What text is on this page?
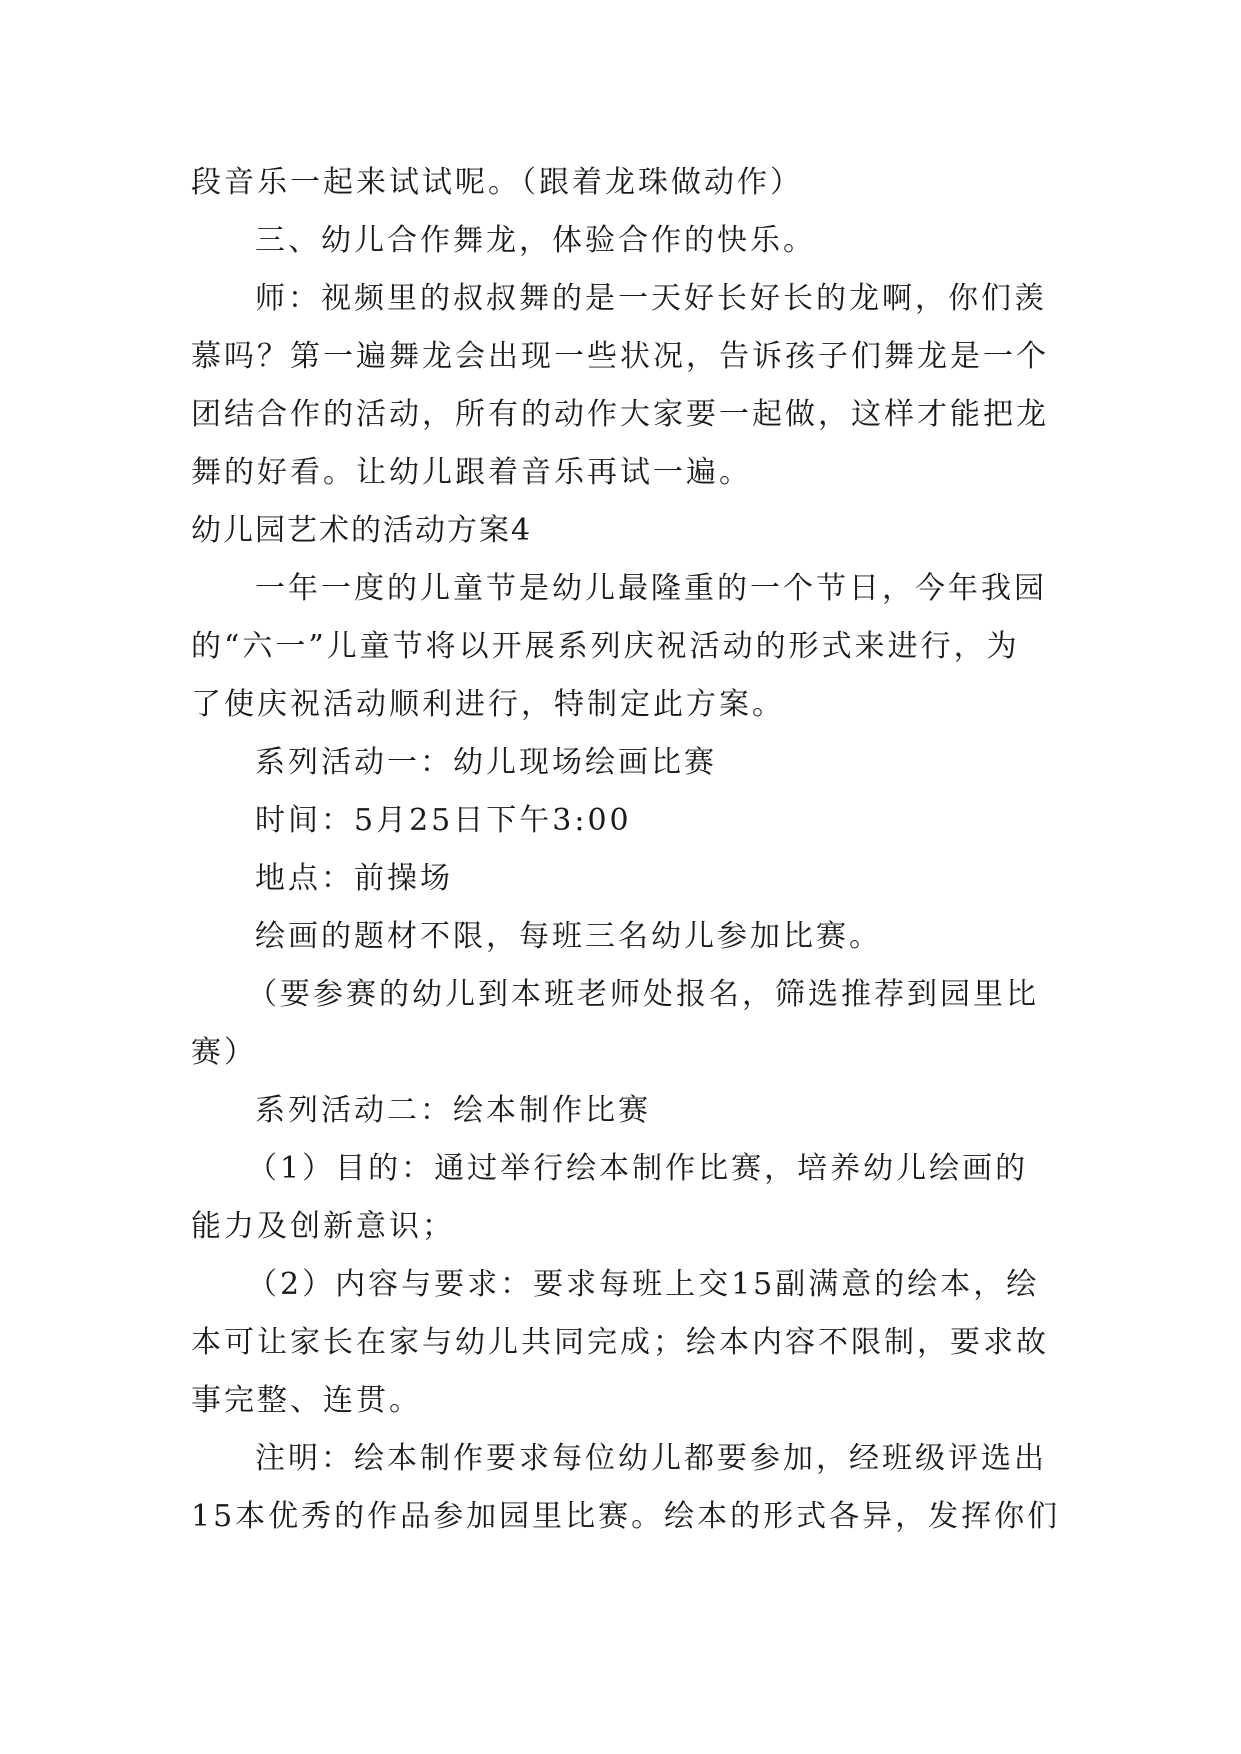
段音乐一起来试试呢。（跟着龙珠做动作）
三、幼儿合作舞龙，体验合作的快乐。
师：视频里的叔叔舞的是一天好长好长的龙啊，你们羡
慕吗？第一遍舞龙会出现一些状况，告诉孩子们舞龙是一个
团结合作的活动，所有的动作大家要一起做，这样才能把龙
舞的好看。让幼儿跟着音乐再试一遍。
幼儿园艺术的活动方案4
一年一度的儿童节是幼儿最隆重的一个节日，今年我园
的“六一”儿童节将以开展系列庆祝活动的形式来进行，为
了使庆祝活动顺利进行，特制定此方案。
系列活动一：幼儿现场绘画比赛
时间：5月25日下午3:00
地点：前操场
绘画的题材不限，每班三名幼儿参加比赛。
（要参赛的幼儿到本班老师处报名，筛选推荐到园里比
赛）
系列活动二：绘本制作比赛
（1）目的：通过举行绘本制作比赛，培养幼儿绘画的
能力及创新意识；
（2）内容与要求：要求每班上交15副满意的绘本，绘
本可让家长在家与幼儿共同完成；绘本内容不限制，要求故
事完整、连贯。
注明：绘本制作要求每位幼儿都要参加，经班级评选出
15本优秀的作品参加园里比赛。绘本的形式各异，发挥你们
